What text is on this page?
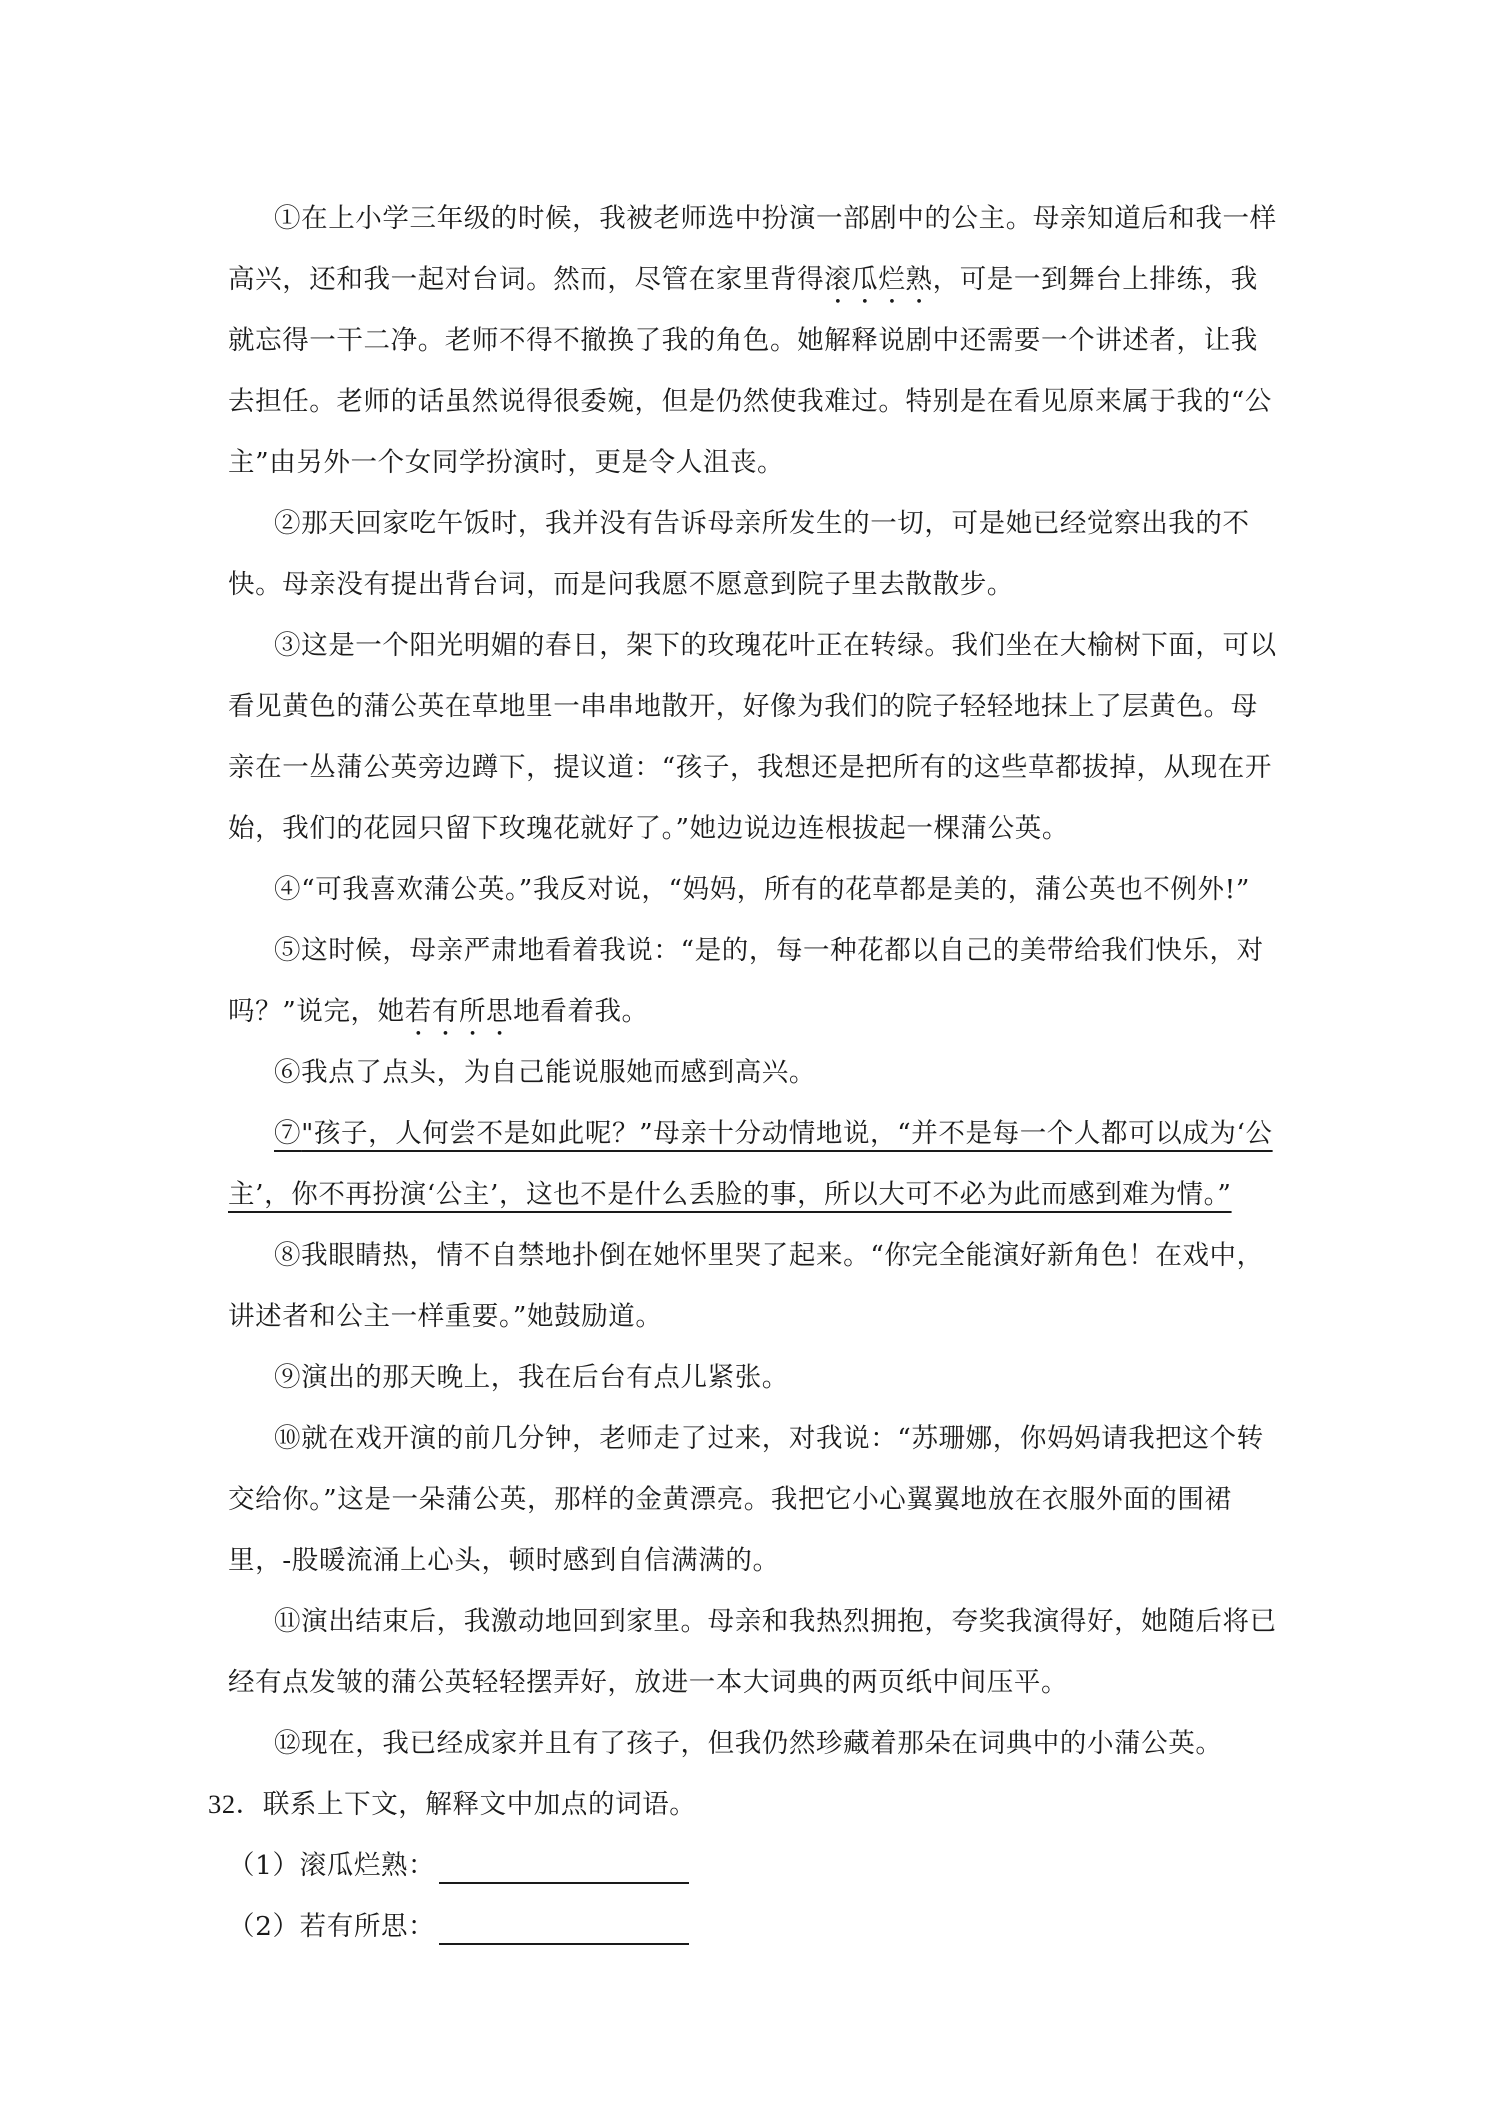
①在上小学三年级的时候，我被老师选中扮演一部剧中的公主。母亲知道后和我一样高兴，还和我一起对台词。然而，尽管在家里背得滚瓜烂熟，可是一到舞台上排练，我就忘得一干二净。老师不得不撤换了我的角色。她解释说剧中还需要一个讲述者，让我去担任。老师的话虽然说得很委婉，但是仍然使我难过。特别是在看见原来属于我的“公主”由另外一个女同学扮演时，更是令人沮丧。

②那天回家吃午饭时，我并没有告诉母亲所发生的一切，可是她已经觉察出我的不快。母亲没有提出背台词，而是问我愿不愿意到院子里去散散步。

③这是一个阳光明媚的春日，架下的玫瑰花叶正在转绿。我们坐在大榆树下面，可以看见黄色的蒲公英在草地里一串串地散开，好像为我们的院子轻轻地抹上了层黄色。母亲在一丛蒲公英旁边蹲下，提议道：“孩子，我想还是把所有的这些草都拔掉，从现在开始，我们的花园只留下玫瑰花就好了。”她边说边连根拔起一棵蒲公英。

④“可我喜欢蒲公英。”我反对说，“妈妈，所有的花草都是美的，蒲公英也不例外!”

⑤这时候，母亲严肃地看着我说：“是的，每一种花都以自己的美带给我们快乐，对吗？”说完，她若有所思地看着我。

⑥我点了点头，为自己能说服她而感到高兴。

⑦"孩子，人何尝不是如此呢？”母亲十分动情地说，“并不是每一个人都可以成为‘公主’，你不再扮演‘公主’，这也不是什么丢脸的事，所以大可不必为此而感到难为情。”

⑧我眼睛热，情不自禁地扑倒在她怀里哭了起来。“你完全能演好新角色！在戏中，讲述者和公主一样重要。”她鼓励道。

⑨演出的那天晚上，我在后台有点儿紧张。

⑩就在戏开演的前几分钟，老师走了过来，对我说：“苏珊娜，你妈妈请我把这个转交给你。”这是一朵蒲公英，那样的金黄漂亮。我把它小心翼翼地放在衣服外面的围裙里，-股暖流涌上心头，顿时感到自信满满的。

⑪演出结束后，我激动地回到家里。母亲和我热烈拥抱，夸奖我演得好，她随后将已经有点发皱的蒲公英轻轻摆弄好，放进一本大词典的两页纸中间压平。

⑫现在，我已经成家并且有了孩子，但我仍然珍藏着那朵在词典中的小蒲公英。

32．联系上下文，解释文中加点的词语。

（1）滚瓜烂熟：
（2）若有所思：
